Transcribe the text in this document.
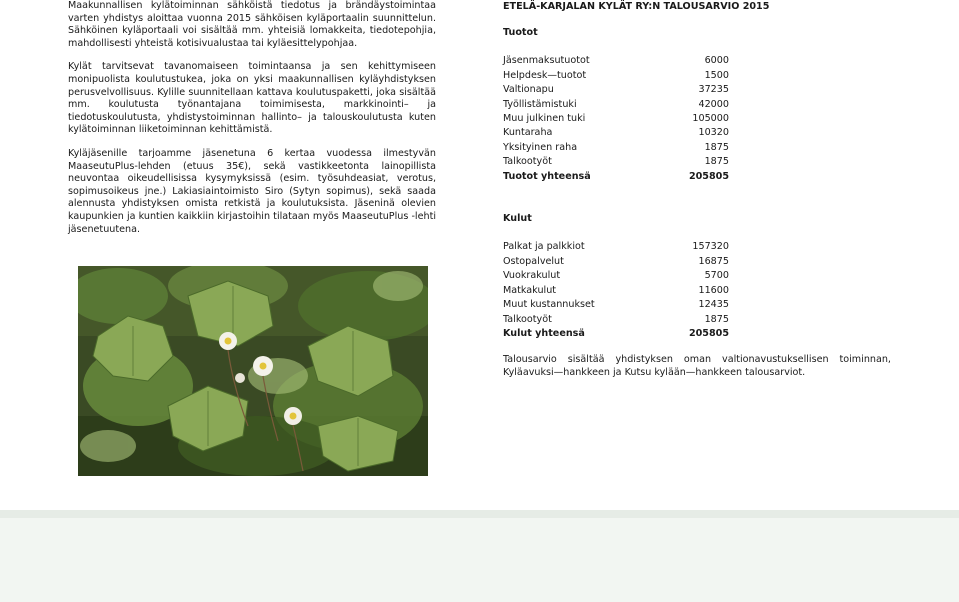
Maakunnallisen kylätoiminnan sähköistä tiedotus ja brändäystoimintaa varten yhdistys aloittaa vuonna 2015 sähköisen kyläportaalin suunnittelun. Sähköinen kyläportaali voi sisältää mm. yhteisiä lomakkeita, tiedotepohjia, mahdollisesti yhteistä kotisivualustaa tai kyläesittelypohjaa.

Kylät tarvitsevat tavanomaiseen toimintaansa ja sen kehittymiseen monipuolista koulutustukea, joka on yksi maakunnallisen kyläyhdistyksen perusvelvollisuus. Kylille suunnitellaan kattava koulutuspaketti, joka sisältää mm. koulutusta työnantajana toimimisesta, markkinointi– ja tiedotuskoulutusta, yhdistystoiminnan hallinto– ja talouskoulutusta kuten kylätoiminnan liiketoiminnan kehittämistä.

Kyläjäsenille tarjoamme jäsenetuna 6 kertaa vuodessa ilmestyvän MaaseutuPlus-lehden (etuus 35€), sekä vastikkeetonta lainopillista neuvontaa oikeudellisissa kysymyksissä (esim. työsuhdeasiat, verotus, sopimusoikeus jne.) Lakiasiaintoimisto Siro (Sytyn sopimus), sekä saada alennusta yhdistyksen omista retkistä ja koulutuksista. Jäseninä olevien kaupunkien ja kuntien kaikkiin kirjastoihin tilataan myös MaaseutuPlus -lehti jäsenetuutena.

ETELÄ-KARJALAN KYLÄT RY:N TALOUSARVIO 2015

Tuotot

Jäsenmaksutuotot	6000
Helpdesk—tuotot	1500
Valtionapu	37235
Työllistämistuki	42000
Muu julkinen tuki	105000
Kuntaraha	10320
Yksityinen raha	1875
Talkootyöt	1875
Tuotot yhteensä	205805

Kulut

Palkat ja palkkiot	157320
Ostopalvelut	16875
Vuokrakulut	5700
Matkakulut	11600
Muut kustannukset	12435
Talkootyöt	1875
Kulut yhteensä	205805

Talousarvio sisältää yhdistyksen oman valtionavustuksellisen toiminnan, Kyläavuksi—hankkeen ja Kutsu kylään—hankkeen talousarviot.
